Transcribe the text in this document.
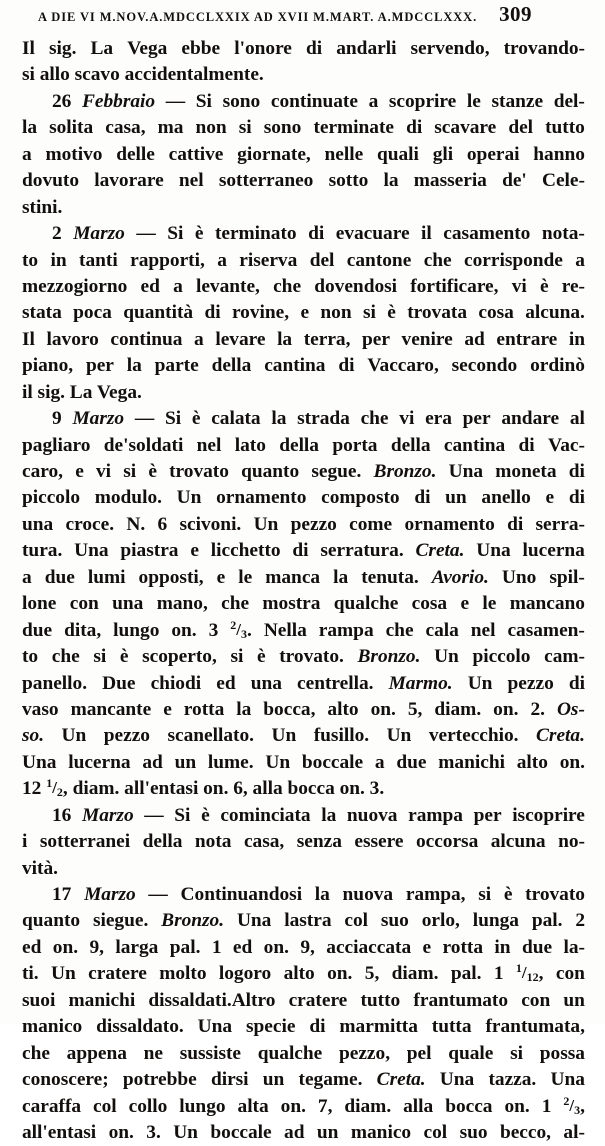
A DIE VI M.NOV.A.MDCCLXXIX AD XVII M.MART. A.MDCCLXXX. 309
Il sig. La Vega ebbe l'onore di andarli servendo, trovando-
si allo scavo accidentalmente.
26 Febbraio — Si sono continuate a scoprire le stanze del-
la solita casa, ma non si sono terminate di scavare del tutto
a motivo delle cattive giornate, nelle quali gli operai hanno
dovuto lavorare nel sotterraneo sotto la masseria de' Cele-
stini.
2 Marzo — Si è terminato di evacuare il casamento nota-
to in tanti rapporti, a riserva del cantone che corrisponde a
mezzogiorno ed a levante, che dovendosi fortificare, vi è re-
stata poca quantità di rovine, e non si è trovata cosa alcuna.
Il lavoro continua a levare la terra, per venire ad entrare in
piano, per la parte della cantina di Vaccaro, secondo ordinò
il sig. La Vega.
9 Marzo — Si è calata la strada che vi era per andare al
pagliaro de'soldati nel lato della porta della cantina di Vac-
caro, e vi si è trovato quanto segue. Bronzo. Una moneta di
piccolo modulo. Un ornamento composto di un anello e di
una croce. N. 6 scivoni. Un pezzo come ornamento di serra-
tura. Una piastra e licchetto di serratura. Creta. Una lucerna
a due lumi opposti, e le manca la tenuta. Avorio. Uno spil-
lone con una mano, che mostra qualche cosa e le mancano
due dita, lungo on. 3 $^2$/3. Nella rampa che cala nel casamen-
to che si è scoperto, si è trovato. Bronzo. Un piccolo cam-
panello. Due chiodi ed una centrella. Marmo. Un pezzo di
vaso mancante e rotta la bocca, alto on. 5, diam. on. 2. Os-
so. Un pezzo scanellato. Un fusillo. Un vertecchio. Creta.
Una lucerna ad un lume. Un boccale a due manichi alto on.
12 $^1$/2, diam. all'entasi on. 6, alla bocca on. 3.
16 Marzo — Si è cominciata la nuova rampa per iscoprire
i sotterranei della nota casa, senza essere occorsa alcuna no-
vità.
17 Marzo — Continuandosi la nuova rampa, si è trovato
quanto siegue. Bronzo. Una lastra col suo orlo, lunga pal. 2
ed on. 9, larga pal. 1 ed on. 9, acciaccata e rotta in due la-
ti. Un cratere molto logoro alto on. 5, diam. pal. 1 $^1$/12, con
suoi manichi dissaldati.Altro cratere tutto frantumato con un
manico dissaldato. Una specie di marmitta tutta frantumata,
che appena ne sussiste qualche pezzo, pel quale si possa
conoscere; potrebbe dirsi un tegame. Creta. Una tazza. Una
caraffa col collo lungo alta on. 7, diam. alla bocca on. 1 $^2$/3,
all'entasi on. 3. Un boccale ad un manico col suo becco, al-
